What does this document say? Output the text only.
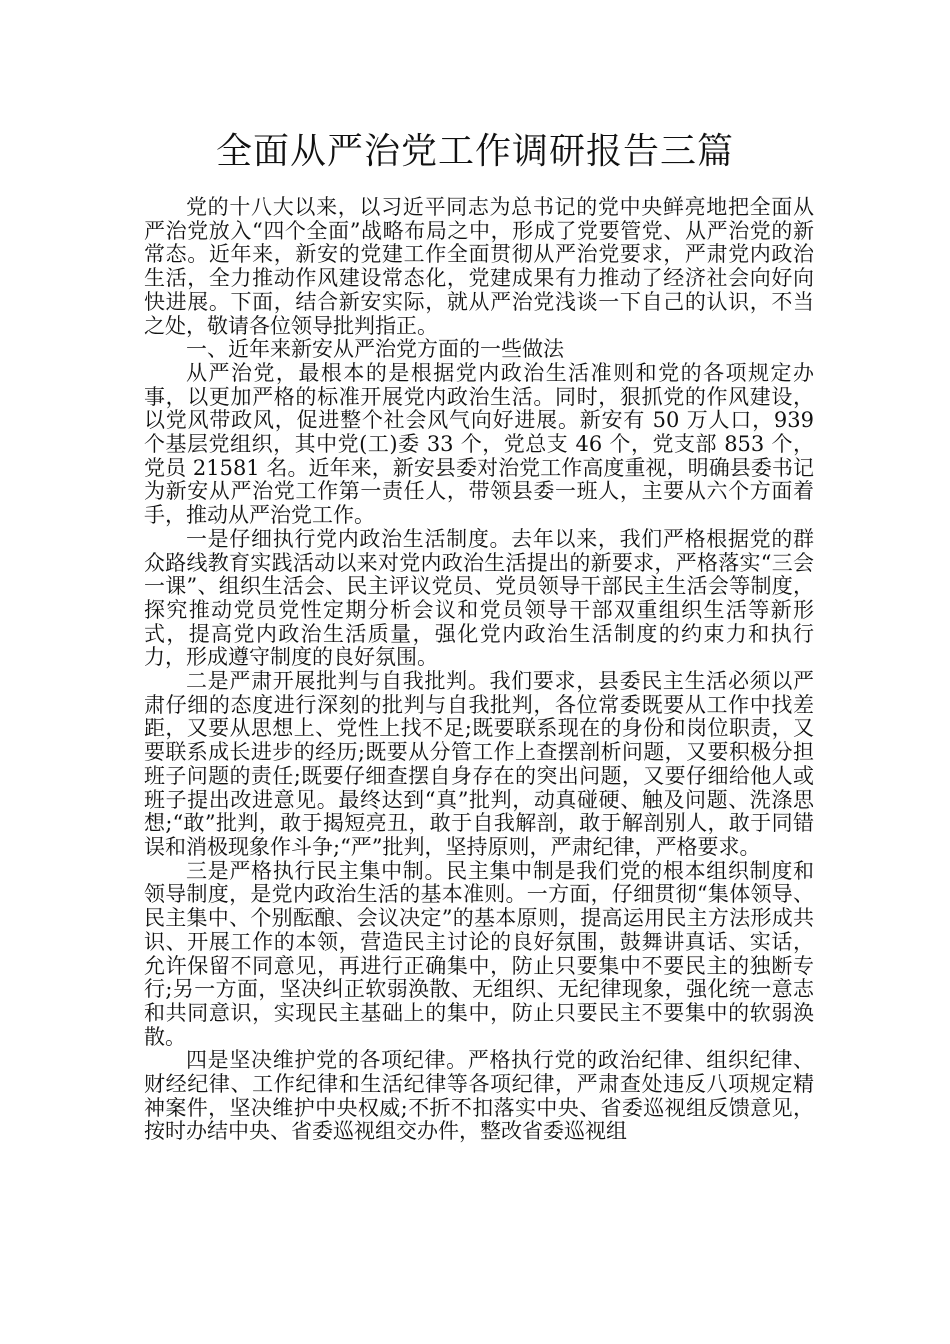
全面从严治党工作调研报告三篇

党的十八大以来，以习近平同志为总书记的党中央鲜亮地把全面从严治党放入“四个全面”战略布局之中，形成了党要管党、从严治党的新常态。近年来，新安的党建工作全面贯彻从严治党要求，严肃党内政治生活，全力推动作风建设常态化，党建成果有力推动了经济社会向好向快进展。下面，结合新安实际，就从严治党浅谈一下自己的认识，不当之处，敬请各位领导批判指正。

一、近年来新安从严治党方面的一些做法

从严治党，最根本的是根据党内政治生活准则和党的各项规定办事，以更加严格的标准开展党内政治生活。同时，狠抓党的作风建设，以党风带政风，促进整个社会风气向好进展。新安有 50 万人口，939 个基层党组织，其中党(工)委 33 个，党总支 46 个，党支部 853 个，党员 21581 名。近年来，新安县委对治党工作高度重视，明确县委书记为新安从严治党工作第一责任人，带领县委一班人，主要从六个方面着手，推动从严治党工作。

一是仔细执行党内政治生活制度。去年以来，我们严格根据党的群众路线教育实践活动以来对党内政治生活提出的新要求，严格落实“三会一课”、组织生活会、民主评议党员、党员领导干部民主生活会等制度，探究推动党员党性定期分析会议和党员领导干部双重组织生活等新形式，提高党内政治生活质量，强化党内政治生活制度的约束力和执行力，形成遵守制度的良好氛围。

二是严肃开展批判与自我批判。我们要求，县委民主生活必须以严肃仔细的态度进行深刻的批判与自我批判，各位常委既要从工作中找差距，又要从思想上、党性上找不足;既要联系现在的身份和岗位职责，又要联系成长进步的经历;既要从分管工作上查摆剖析问题，又要积极分担班子问题的责任;既要仔细查摆自身存在的突出问题，又要仔细给他人或班子提出改进意见。最终达到“真”批判，动真碰硬、触及问题、洗涤思想;“敢”批判，敢于揭短亮丑，敢于自我解剖，敢于解剖别人，敢于同错误和消极现象作斗争;“严”批判，坚持原则，严肃纪律，严格要求。

三是严格执行民主集中制。民主集中制是我们党的根本组织制度和领导制度，是党内政治生活的基本准则。一方面，仔细贯彻“集体领导、民主集中、个别酝酿、会议决定”的基本原则，提高运用民主方法形成共识、开展工作的本领，营造民主讨论的良好氛围，鼓舞讲真话、实话，允许保留不同意见，再进行正确集中，防止只要集中不要民主的独断专行;另一方面，坚决纠正软弱涣散、无组织、无纪律现象，强化统一意志和共同意识，实现民主基础上的集中，防止只要民主不要集中的软弱涣散。

四是坚决维护党的各项纪律。严格执行党的政治纪律、组织纪律、财经纪律、工作纪律和生活纪律等各项纪律，严肃查处违反八项规定精神案件，坚决维护中央权威;不折不扣落实中央、省委巡视组反馈意见，按时办结中央、省委巡视组交办件，整改省委巡视组
